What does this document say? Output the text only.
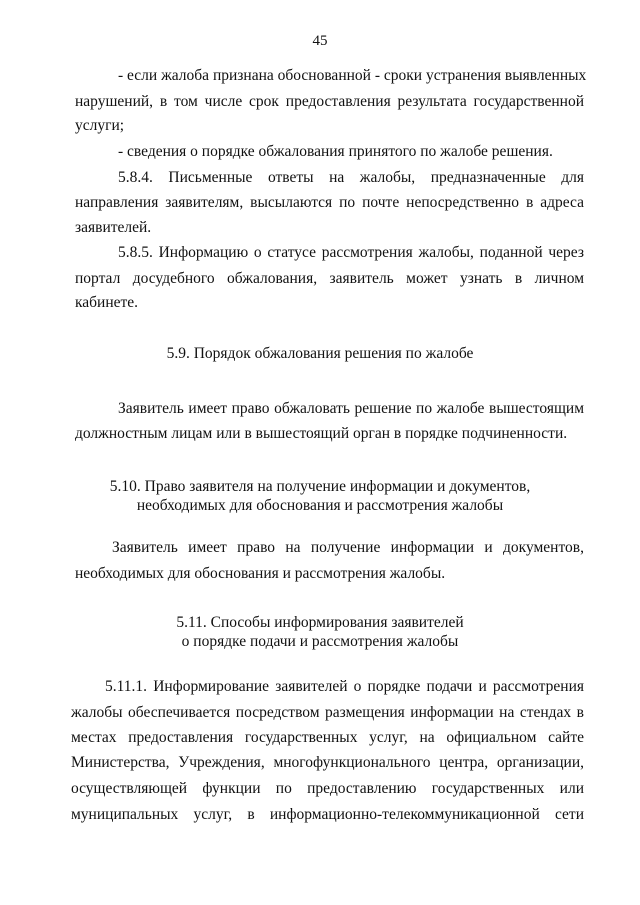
45
- если жалоба признана обоснованной - сроки устранения выявленных
нарушений, в том числе срок предоставления результата государственной
услуги;
- сведения о порядке обжалования принятого по жалобе решения.
5.8.4. Письменные ответы на жалобы, предназначенные для
направления заявителям, высылаются по почте непосредственно в адреса
заявителей.
5.8.5. Информацию о статусе рассмотрения жалобы, поданной через
портал досудебного обжалования, заявитель может узнать в личном
кабинете.
5.9. Порядок обжалования решения по жалобе
Заявитель имеет право обжаловать решение по жалобе вышестоящим
должностным лицам или в вышестоящий орган в порядке подчиненности.
5.10. Право заявителя на получение информации и документов,
необходимых для обоснования и рассмотрения жалобы
Заявитель имеет право на получение информации и документов,
необходимых для обоснования и рассмотрения жалобы.
5.11. Способы информирования заявителей
о порядке подачи и рассмотрения жалобы
5.11.1. Информирование заявителей о порядке подачи и рассмотрения
жалобы обеспечивается посредством размещения информации на стендах в
местах предоставления государственных услуг, на официальном сайте
Министерства, Учреждения, многофункционального центра, организации,
осуществляющей функции по предоставлению государственных или
муниципальных услуг, в информационно-телекоммуникационной сети
